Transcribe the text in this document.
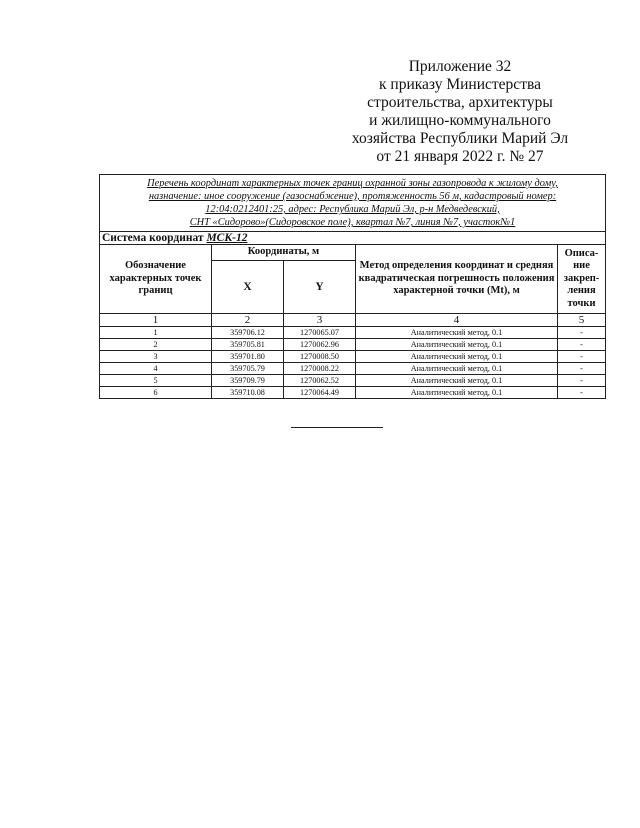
Приложение 32
к приказу Министерства
строительства, архитектуры
и жилищно-коммунального
хозяйства Республики Марий Эл
от 21 января 2022 г. № 27
Перечень координат характерных точек границ охранной зоны газопровода к жилому дому,
назначение: иное сооружение (газоснабжение), протяженность 56 м, кадастровый номер:
12:04:0212401:25, адрес: Республика Марий Эл, р-н Медведевский,
СНТ «Сидорово»(Сидоровское поле), квартал №7, линия №7, участок№1				

Система координат МСК-12				
Обозначение характерных точек границ	Координаты, м		Метод определения координат и средняя квадратическая погрешность положения характерной точки (Mt), м	Описа-ние закреп-ления точки
	X	Y		
1	2	3	4	5
1	359706.12	1270065.07	Аналитический метод, 0.1	-
2	359705.81	1270062.96	Аналитический метод, 0.1	-
3	359701.80	1270008.50	Аналитический метод, 0.1	-
4	359705.79	1270008.22	Аналитический метод, 0.1	-
5	359709.79	1270062.52	Аналитический метод, 0.1	-
6	359710.08	1270064.49	Аналитический метод, 0.1	-
